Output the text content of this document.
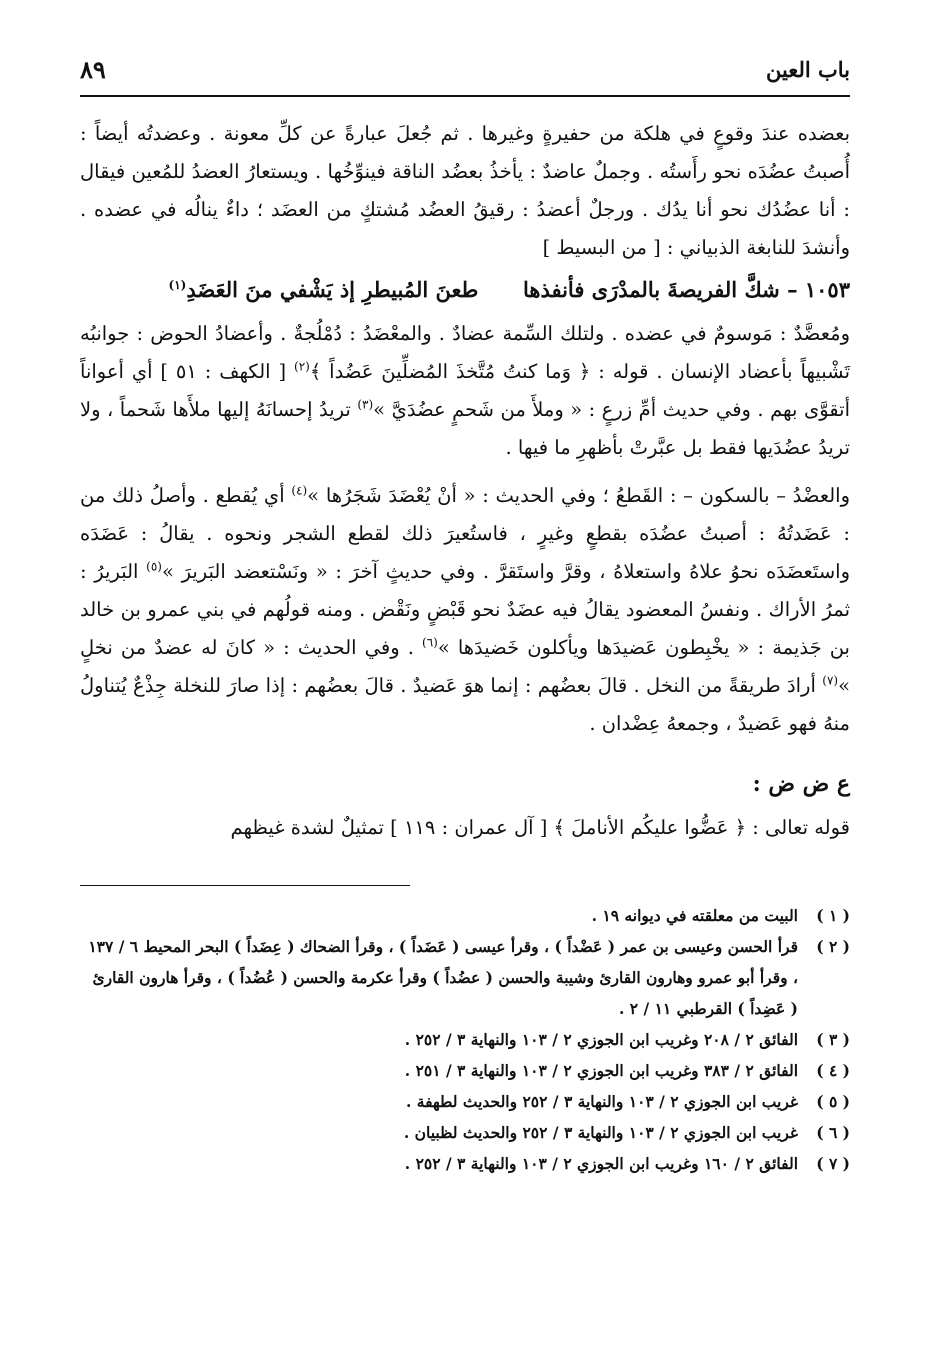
٨٩	باب العين

بعضده عندَ وقوعٍ في هلكة من حفيرةٍ وغيرها . ثم جُعلَ عبارةً عن كلِّ معونة . وعضدتُه أيضاً : أُصبتُ عضُدَه نحو رأَستُه . وجملٌ عاضدٌ : يأخذُ بعضُد الناقة فينوِّخُها . ويستعارُ العضدُ للمُعين فيقال : أنا عضُدُك نحو أنا يدُك . ورجلٌ أعضدُ : رقيقُ العضُد مُشتكٍ من العضَد ؛ داءٌ ينالُه في عضده . وأنشدَ للنابغة الذبياني : [ من البسيط ]

١٠٥٣ – شكَّ الفريصةَ بالمدْرَى فأنفذها  طعنَ المُبيطرِ إذ يَشْفي منَ العَضَدِ$^{(١)}$

ومُعضَّدٌ : مَوسومٌ في عضده . ولتلك السِّمة عضادٌ . والمعْضَدُ : دُمْلُجةٌ . وأعضادُ الحوض : جوانبُه تَشْبيهاً بأعضاد الإنسان . قوله : ﴿ وَما كنتُ مُتَّخذَ المُضلِّينَ عَضُداً ﴾$^{(٢)}$ [ الكهف : ٥١ ] أي أعواناً أتقوَّى بهم . وفي حديث أمِّ زرعٍ : « وملأَ من شَحمٍ عضُدَيَّ »$^{(٣)}$ تريدُ إحسانَهُ إليها ملأَها شَحماً ، ولا تريدُ عضُدَيها فقط بل عبَّرتْ بأظهرِ ما فيها .

والعضْدُ – بالسكون – : القَطعُ ؛ وفي الحديث : « أنْ يُعْضَدَ شَجَرُها »$^{(٤)}$ أي يُقطع . وأصلُ ذلك من : عَضَدتُهُ : أصبتُ عضُدَه بقطعٍ وغيرٍ ، فاستُعيرَ ذلك لقطع الشجر ونحوه . يقالُ : عَضَدَه واستَعضَدَه نحوُ علاهُ واستعلاهُ ، وقرَّ واستَقرَّ . وفي حديثٍ آخرَ : « ونَسْتعضد البَريرَ »$^{(٥)}$ البَريرُ : ثمرُ الأراك . ونفسُ المعضود يقالُ فيه عضَدٌ نحو قَبْضٍ ونَقْض . ومنه قولُهم في بني عمرو بن خالد بن جَذيمة : « يخْبِطون عَضيدَها ويأكلون خَضيدَها »$^{(٦)}$ . وفي الحديث : « كانَ له عضدٌ من نخلٍ »$^{(٧)}$ أرادَ طريقةً من النخل . قالَ بعضُهم : إنما هوَ عَضيدٌ . قالَ بعضُهم : إذا صارَ للنخلة جِذْعٌ يُتناولُ منهُ فهو عَضيدٌ ، وجمعهُ عِضْدان .

ع ض ض :

قوله تعالى : ﴿ عَضُّوا عليكُم الأناملَ ﴾ [ آل عمران : ١١٩ ] تمثيلٌ لشدة غيظهم

( ١ )
البيت من معلقته في ديوانه ١٩ .
( ٢ )
قرأ الحسن وعيسى بن عمر ( عَضْداً ) ، وقرأ عيسى ( عَضَداً ) ، وقرأ الضحاك ( عِضَداً ) البحر المحيط ٦ / ١٣٧ ، وقرأ أبو عمرو وهارون القارئ وشيبة والحسن ( عضُداً ) وقرأ عكرمة والحسن ( عُضُداً ) ، وقرأ هارون القارئ ( عَضِداً ) القرطبي ١١ / ٢ .
( ٣ )
الفائق ٢ / ٢٠٨ وغريب ابن الجوزي ٢ / ١٠٣ والنهاية ٣ / ٢٥٢ .
( ٤ )
الفائق ٢ / ٣٨٣ وغريب ابن الجوزي ٢ / ١٠٣ والنهاية ٣ / ٢٥١ .
( ٥ )
غريب ابن الجوزي ٢ / ١٠٣ والنهاية ٣ / ٢٥٢ والحديث لطهفة .
( ٦ )
غريب ابن الجوزي ٢ / ١٠٣ والنهاية ٣ / ٢٥٢ والحديث لظبيان .
( ٧ )
الفائق ٢ / ١٦٠ وغريب ابن الجوزي ٢ / ١٠٣ والنهاية ٣ / ٢٥٢ .
